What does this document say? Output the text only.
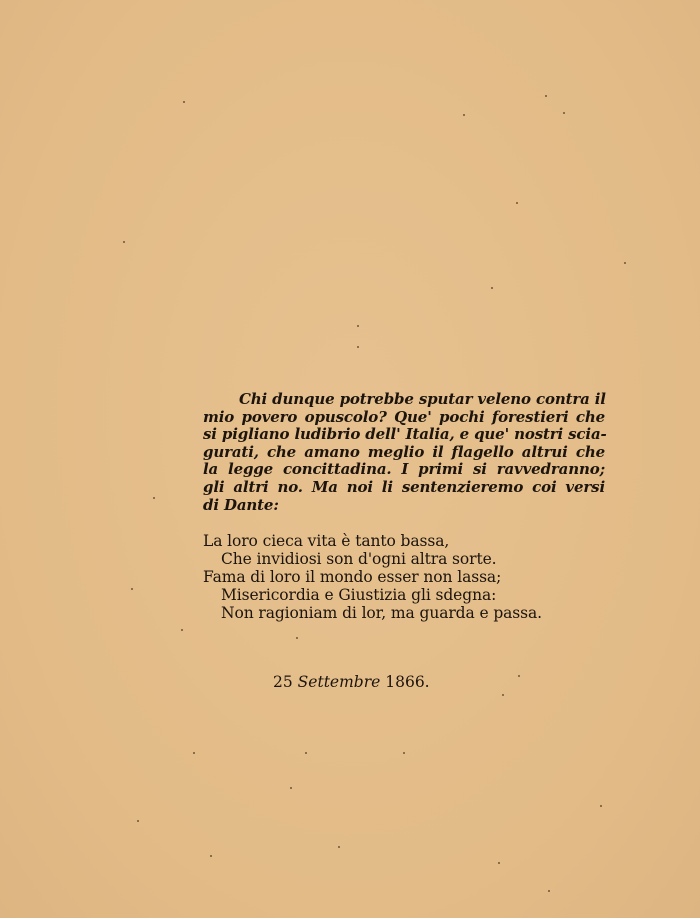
Chi dunque potrebbe sputar veleno contra il
mio povero opuscolo? Que' pochi forestieri che
si pigliano ludibrio dell' Italia, e que' nostri scia-
gurati, che amano meglio il flagello altrui che
la legge concittadina. I primi si ravvedranno;
gli altri no. Ma noi li sentenzieremo coi versi
di Dante:
La loro cieca vita è tanto bassa,
Che invidiosi son d'ogni altra sorte.
Fama di loro il mondo esser non lassa;
Misericordia e Giustizia gli sdegna:
Non ragioniam di lor, ma guarda e passa.
25 Settembre 1866.
